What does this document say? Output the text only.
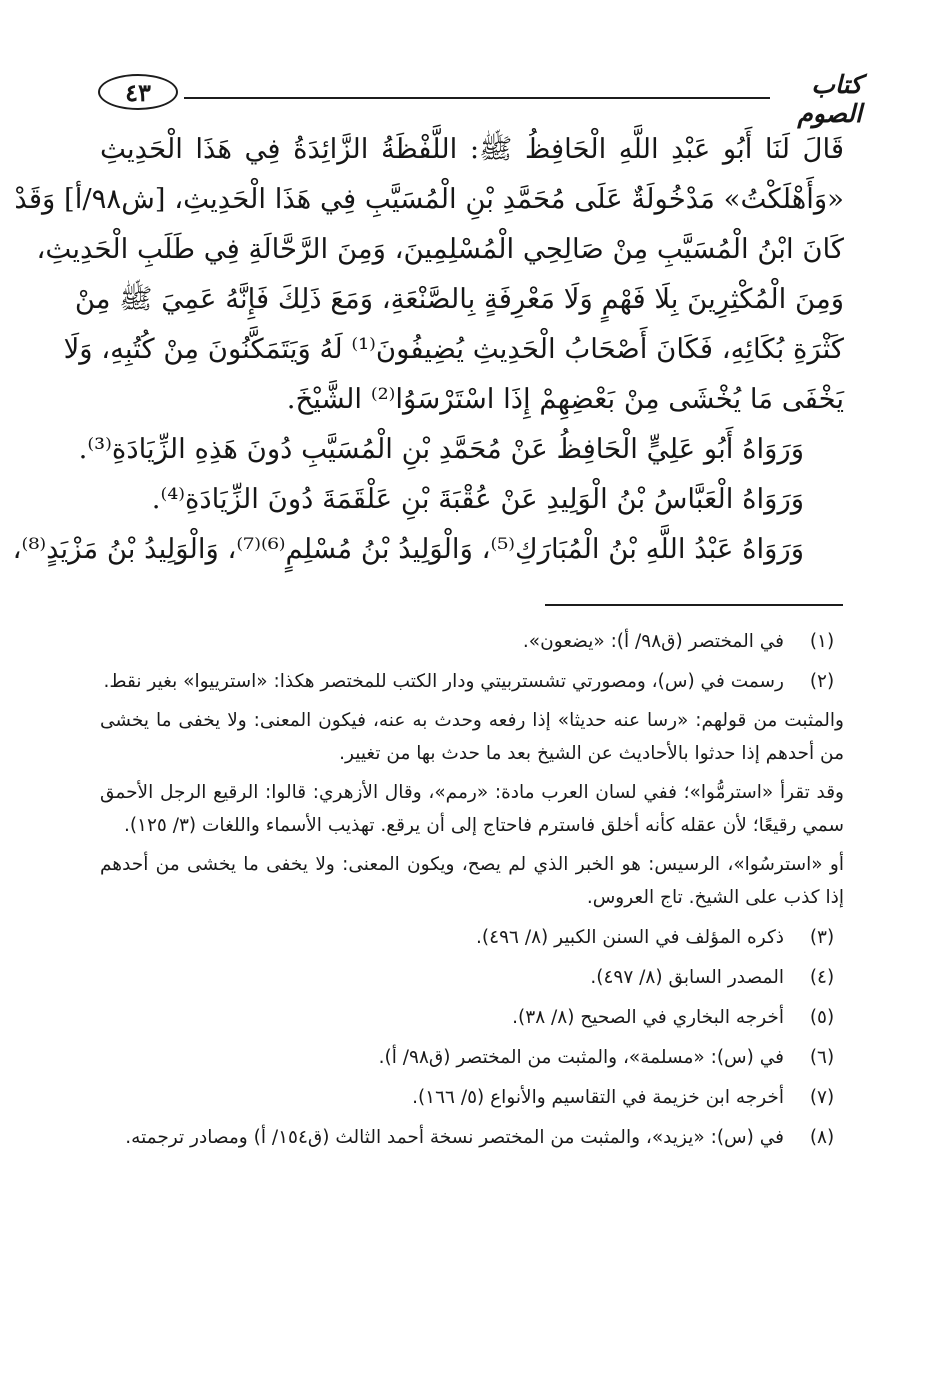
٤٣	كتاب الصوم
قَالَ لَنَا أَبُو عَبْدِ اللَّهِ الْحَافِظُ ﷺ: اللَّفْظَةُ الزَّائِدَةُ فِي هَذَا الْحَدِيثِ
«وَأَهْلَكْتُ» مَدْخُولَةٌ عَلَى مُحَمَّدِ بْنِ الْمُسَيَّبِ فِي هَذَا الْحَدِيثِ، [ش٩٨/أ] وَقَدْ
كَانَ ابْنُ الْمُسَيَّبِ مِنْ صَالِحِي الْمُسْلِمِينَ، وَمِنَ الرَّحَّالَةِ فِي طَلَبِ الْحَدِيثِ،
وَمِنَ الْمُكْثِرِينَ بِلَا فَهْمٍ وَلَا مَعْرِفَةٍ بِالصَّنْعَةِ، وَمَعَ ذَلِكَ فَإِنَّهُ عَمِيَ ﷺ مِنْ
كَثْرَةِ بُكَائِهِ، فَكَانَ أَصْحَابُ الْحَدِيثِ يُضِيفُونَ⁽¹⁾ لَهُ وَيَتَمَكَّنُونَ مِنْ كُتُبِهِ، وَلَا
يَخْفَى مَا يُخْشَى مِنْ بَعْضِهِمْ إِذَا اسْتَرْسَوُا⁽²⁾ الشَّيْخَ.
وَرَوَاهُ أَبُو عَلِيٍّ الْحَافِظُ عَنْ مُحَمَّدِ بْنِ الْمُسَيَّبِ دُونَ هَذِهِ الزِّيَادَةِ⁽³⁾.
وَرَوَاهُ الْعَبَّاسُ بْنُ الْوَلِيدِ عَنْ عُقْبَةَ بْنِ عَلْقَمَةَ دُونَ الزِّيَادَةِ⁽⁴⁾.
وَرَوَاهُ عَبْدُ اللَّهِ بْنُ الْمُبَارَكِ⁽⁵⁾، وَالْوَلِيدُ بْنُ مُسْلِمٍ⁽⁶⁾⁽⁷⁾، وَالْوَلِيدُ بْنُ مَزْيَدٍ⁽⁸⁾،
(١)
في المختصر (ق٩٨/ أ): «يضعون».
(٢)
رسمت في (س)، ومصورتي تشستربيتي ودار الكتب للمختصر هكذا: «استرييوا» بغير نقط.
والمثبت من قولهم: «رسا عنه حديثا» إذا رفعه وحدث به عنه، فيكون المعنى: ولا يخفى ما يخشى من أحدهم إذا حدثوا بالأحاديث عن الشيخ بعد ما حدث بها من تغيير.
وقد تقرأ «استرمُّوا»؛ ففي لسان العرب مادة: «رمم»، وقال الأزهري: قالوا: الرقيع الرجل الأحمق سمي رقيعًا؛ لأن عقله كأنه أخلق فاسترم فاحتاج إلى أن يرقع. تهذيب الأسماء واللغات (٣/ ١٢٥).
أو «استرسُوا»، الرسيس: هو الخبر الذي لم يصح، ويكون المعنى: ولا يخفى ما يخشى من أحدهم إذا كذب على الشيخ. تاج العروس.
(٣)
ذكره المؤلف في السنن الكبير (٨/ ٤٩٦).
(٤)
المصدر السابق (٨/ ٤٩٧).
(٥)
أخرجه البخاري في الصحيح (٨/ ٣٨).
(٦)
في (س): «مسلمة»، والمثبت من المختصر (ق٩٨/ أ).
(٧)
أخرجه ابن خزيمة في التقاسيم والأنواع (٥/ ١٦٦).
(٨)
في (س): «يزيد»، والمثبت من المختصر نسخة أحمد الثالث (ق١٥٤/ أ) ومصادر ترجمته.
